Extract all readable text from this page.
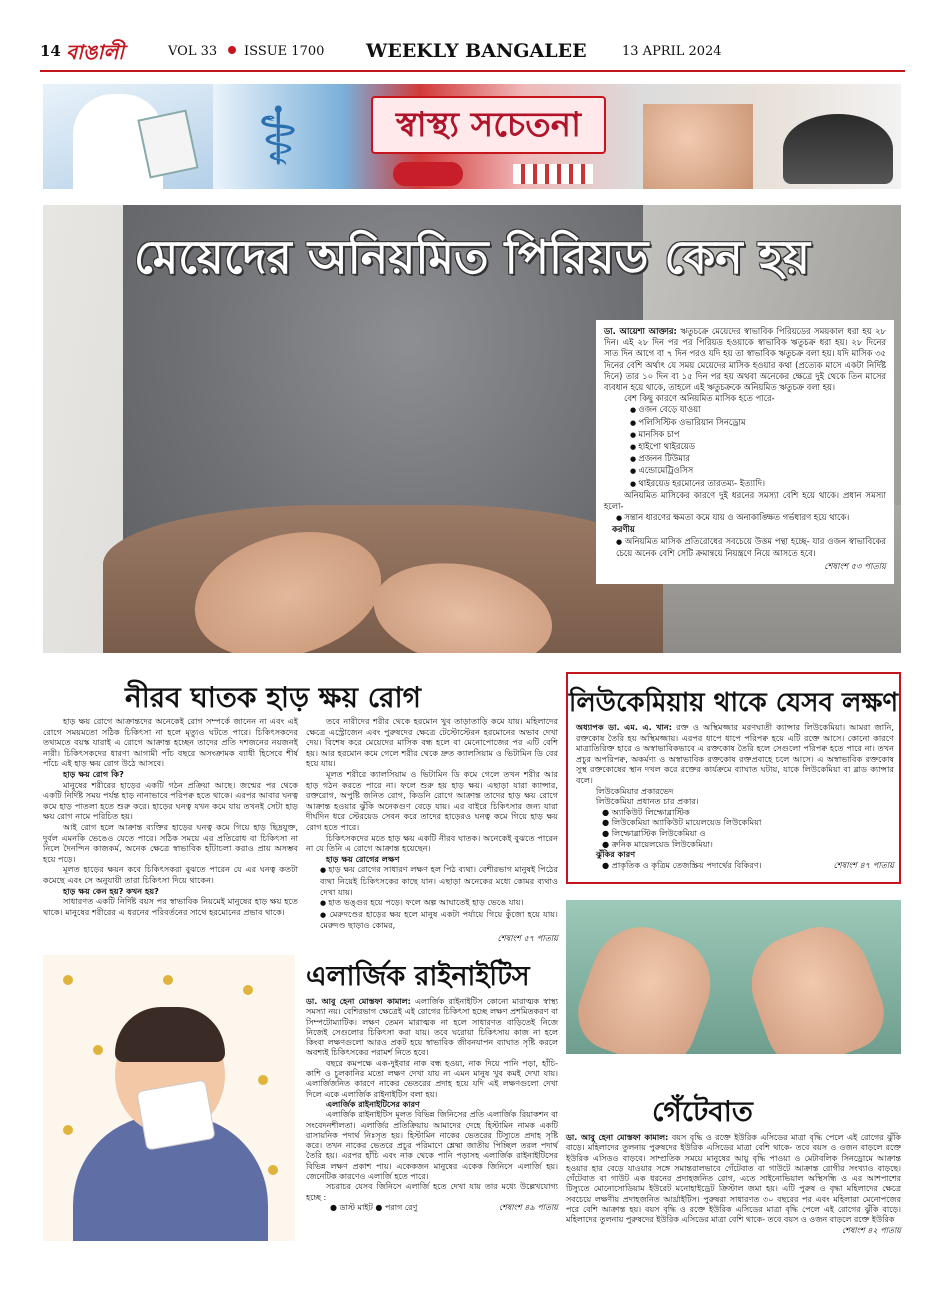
14 বাঙালী	VOL 33 ISSUE 1700 WEEKLY BANGALEE	13 APRIL 2024
⚕	স্বাস্থ্য সচেতনা
মেয়েদের অনিয়মিত পিরিয়ড কেন হয়

ডা. আয়েশা আক্তার: ঋতুচক্রে মেয়েদের স্বাভাবিক পিরিয়ডের সময়কাল ধরা হয় ২৮ দিন। এই ২৮ দিন পর পর পিরিয়ড হওয়াকে স্বাভাবিক ঋতুচক্র ধরা হয়। ২৮ দিনের সাত দিন আগে বা ৭ দিন পরও যদি হয় তা স্বাভাবিক ঋতুচক্র বলা হয়। যদি মাসিক ৩৫ দিনের বেশি অর্থাৎ যে সময় মেয়েদের মাসিক হওয়ার কথা (প্রত্যেক মাসে একটা নির্দিষ্ট দিনে) তার ১০ দিন বা ১৫ দিন পর হয় অথবা অনেকের ক্ষেত্রে দুই থেকে তিন মাসের ব্যবধান হয়ে থাকে, তাহলে এই ঋতুচক্রকে অনিয়মিত ঋতুচক্র বলা হয়।

বেশ কিছু কারণে অনিয়মিত মাসিক হতে পারে-

● ওজন বেড়ে যাওয়া
● পলিসিস্টিক ওভারিয়ান সিনড্রোম
● মানসিক চাপ
● হাইপো থাইরয়েড
● প্রজনন টিউমার
● এন্ডোমেট্রিওসিস
● থাইরয়েড হরমোনের তারতম্য- ইত্যাদি।

অনিয়মিত মাসিকের কারণে দুই ধরনের সমস্যা বেশি হয়ে থাকে। প্রধান সমস্যা হলো-

● সন্তান ধারণের ক্ষমতা কমে যায় ও অনাকাঙ্ক্ষিত গর্ভধারণ হয়ে থাকে।

করণীয়

● অনিয়মিত মাসিক প্রতিরোধের সবচেয়ে উত্তম পন্থা হচ্ছে- যার ওজন স্বাভাবিকের চেয়ে অনেক বেশি সেটি ক্রমান্বয়ে নিয়ন্ত্রণে নিয়ে আসতে হবে।

শেষাংশ ৫৩ পাতায়

নীরব ঘাতক হাড় ক্ষয় রোগ

হাড় ক্ষয় রোগে আক্রান্তদের অনেকেই রোগ সম্পর্কে জানেন না এবং এই রোগে সময়মতো সঠিক চিকিৎসা না হলে মৃত্যুও ঘটতে পারে। চিকিৎসকদের তথ্যমতে বয়স্ক যারাই এ রোগে আক্রান্ত হচ্ছেন তাদের প্রতি দশজনের নয়জনই নারী। চিকিৎসকদের ধারণা আগামী পাঁচ বছরে অসংক্রামক ব্যাধী হিসেবে শীর্ষ পাঁচে এই হাড় ক্ষয় রোগ উঠে আসবে।

হাড় ক্ষয় রোগ কি?

মানুষের শরীরের হাড়ের একটি গঠন প্রক্রিয়া আছে। জন্মের পর থেকে একটি নির্দিষ্ট সময় পর্যন্ত হাড় নানাভাবে পরিপক্ব হতে থাকে। এরপর আবার ঘনত্ব কমে হাড় পাতলা হতে শুরু করে। হাড়ের ঘনত্ব যখন কমে যায় তখনই সেটা হাড় ক্ষয় রোগ নামে পরিচিত হয়।

আই রোগ হলে আক্রান্ত ব্যক্তির হাড়ের ঘনত্ব কমে গিয়ে হাড় ছিদ্রযুক্ত, দুর্বল এমনকি ভেঙেও যেতে পারে। সঠিক সময়ে এর প্রতিরোধ বা চিকিৎসা না নিলে দৈনন্দিন কাজকর্ম, অনেক ক্ষেত্রে স্বাভাবিক হাঁটাচলা করাও প্রায় অসম্ভব হয়ে পড়ে।

মূলত হাড়ের ক্ষয়ন কবে চিকিৎসকরা বুঝতে পারেন যে এর ঘনত্ব কতটা কমেছে এবং সে অনুযায়ী তারা চিকিৎসা দিয়ে থাকেন।

হাড় ক্ষয় কেন হয়? কখন হয়?

সাধারণত একটি নির্দিষ্ট বয়স পর স্বাভাবিক নিয়মেই মানুষের হাড় ক্ষয় হতে থাকে। মানুষের শরীরের এ ধরনের পরিবর্তনের সাথে হরমোনের প্রভাব থাকে।

তবে নারীদের শরীর থেকে হরমোন খুব তাড়াতাড়ি কমে যায়। মহিলাদের ক্ষেত্রে এস্ট্রোজেন এবং পুরুষদের ক্ষেত্রে টেস্টোস্টেরন হরমোনের অভাব দেখা দেয়। বিশেষ করে মেয়েদের মাসিক বন্ধ হলে বা মেনোপোজের পর এটি বেশি হয়। আর হরমোন কমে গেলে শরীর থেকে দ্রুত ক্যালসিয়াম ও ভিটামিন ডি বের হয়ে যায়।

মূলত শরীরে ক্যালসিয়াম ও ভিটামিন ডি কমে গেলে তখন শরীর আর হাড় গঠন করতে পারে না। ফলে শুরু হয় হাড় ক্ষয়। এছাড়া যারা ক্যান্সার, রক্তরোগ, অপুষ্টি জনিত রোগ, কিডনি রোগে আক্রান্ত তাদের হাড় ক্ষয় রোগে আক্রান্ত হওয়ার ঝুঁকি অনেকগুণ বেড়ে যায়। এর বাইরে চিকিৎসার জন্য যারা দীর্ঘদিন ধরে স্টেরয়েড সেবন করে তাদের হাড়েরও ঘনত্ব কমে গিয়ে হাড় ক্ষয় রোগ হতে পারে।

চিকিৎসকদের মতে হাড় ক্ষয় একটি নীরব ঘাতক। অনেকেই বুঝতে পারেন না যে তিনি এ রোগে আক্রান্ত হয়েছেন।

হাড় ক্ষয় রোগের লক্ষণ

● হাড় ক্ষয় রোগের সাধারণ লক্ষণ হল পিঠ ব্যথা। বেশীরভাগ মানুষই পিঠের ব্যথা নিয়েই চিকিৎসকের কাছে যান। এছাড়া অনেকের মধ্যে কোমর ব্যথাও দেখা যায়।
● হাত ভঙ্গুর হয়ে পড়ে। ফলে অল্প আঘাতেই হাড় ভেঙে যায়।
● মেরুদণ্ডের হাড়ের ক্ষয় হলে মানুষ একটা পর্যায়ে গিয়ে কুঁজো হয়ে যায়। মেরুদণ্ড ছাড়াও কোমর,

শেষাংশ ৫৭ পাতায়

লিউকেমিয়ায় থাকে যেসব লক্ষণ

অধ্যাপক ডা. এম. এ. খান: রক্ত ও অস্থিমজ্জার মরণঘাতী ক্যান্সার লিউকেমিয়া। আমরা জানি, রক্তকোষ তৈরি হয় অস্থিমজ্জায়। এরপর ধাপে ধাপে পরিপক্ব হয়ে এটি রক্তে আসে। কোনো কারণে মাত্রাতিরিক্ত হারে ও অস্বাভাবিকভাবে এ রক্তকোষ তৈরি হলে সেগুলো পরিপক্ব হতে পারে না। তখন প্রচুর অপরিপক্ব, অকর্মণ্য ও অস্বাভাবিক রক্তকোষ রক্তপ্রবাহে চলে আসে। এ অস্বাভাবিক রক্তকোষ সুস্থ রক্তকোষের স্থান দখল করে রক্তের কার্যক্রমে ব্যাঘাত ঘটায়, যাকে লিউকেমিয়া বা ব্লাড ক্যান্সার বলে।

লিউকেমিয়ার প্রকারভেদ

লিউকেমিয়া প্রধানত চার প্রকার।

● অ্যাকিউট লিম্ফোব্লাস্টিক
● লিউকেমিয়া অ্যাকিউট মায়েলয়েড লিউকেমিয়া
● লিম্ফোব্লাস্টিক লিউকেমিয়া ও
● ক্রনিক মায়েলয়েড লিউকেমিয়া।

ঝুঁকির কারণ

● প্রাকৃতিক ও কৃত্রিম তেজস্ক্রিয় পদার্থের বিকিরণ।	শেষাংশ ৪৭ পাতায়

এলার্জিক রাইনাইটিস

ডা. আবু হেনা মোস্তফা কামাল: এলার্জিক রাইনাইটিস কোনো মারাত্মক স্বাস্থ্য সমস্যা নয়। বেশিরভাগ ক্ষেত্রেই এই রোগের চিকিৎসা হচ্ছে লক্ষণ প্রশমিতকরণ বা সিম্পটোম্যাটিক। লক্ষণ তেমন মারাত্মক না হলে সাধারণত বাড়িতেই নিজে নিজেই সেগুলোর চিকিৎসা করা যায়। তবে ঘরোয়া চিকিৎসায় কাজ না হলে কিংবা লক্ষণগুলো আরও প্রকট হয়ে স্বাভাবিক জীবনযাপন ব্যাঘাত সৃষ্টি করলে অবশ্যই চিকিৎসকের পরামর্শ নিতে হবে।

বছরে কমপক্ষে এক-দুইবার নাক বন্ধ হওয়া, নাক দিয়ে পানি পড়া, হাঁচি-কাশি ও চুলকানির মতো লক্ষণ দেখা যায় না এমন মানুষ খুব কমই দেখা যায়। এলার্জিজনিত কারণে নাকের ভেতরের প্রদাহ হয়ে যদি এই লক্ষণগুলো দেখা দিলে একে এলার্জিক রাইনাইটিস বলা হয়।

এলার্জিক রাইনাইটিসের কারণ

এলার্জিক রাইনাইটিস মূলত বিভিন্ন জিনিসের প্রতি এলার্জিক রিয়াকশন বা সংবেদনশীলতা। এলার্জির প্রতিক্রিয়ায় আমাদের দেহে হিস্টামিন নামক একটি রাসায়নিক পদার্থ নিঃসৃত হয়। হিস্টামিন নাকের ভেতরের টিস্যুতে প্রদাহ সৃষ্টি করে। তখন নাকের ভেতরে প্রচুর পরিমাণে শ্লেষ্মা জাতীয় পিচ্ছিল তরল পদার্থ তৈরি হয়। এরপর হাঁচি এবং নাক থেকে পানি পড়াসহ এলার্জিক রাইনাইটিসের বিভিন্ন লক্ষণ প্রকাশ পায়। একেকজন মানুষের একেক জিনিসে এলার্জি হয়। জেনেটিক কারণেও এলার্জি হতে পারে।

সচরাচর যেসব জিনিসে এলার্জি হতে দেখা যায় তার মধ্যে উল্লেখযোগ্য হচ্ছে :

● ডাস্ট মাইট ● পরাগ রেণু	শেষাংশ ৪৯ পাতায়

গেঁটেবাত

ডা. আবু হেনা মোস্তফা কামাল: বয়স বৃদ্ধি ও রক্তে ইউরিক এসিডের মাত্রা বৃদ্ধি পেলে এই রোগের ঝুঁকি বাড়ে। মহিলাদের তুলনায় পুরুষদের ইউরিক এসিডের মাত্রা বেশি থাকে- তবে বয়স ও ওজন বাড়লে রক্তে ইউরিক এসিডও বাড়বে। সাম্প্রতিক সময়ে মানুষের আয়ু বৃদ্ধি পাওয়া ও মেটাবলিক সিনড্রোমে আক্রান্ত হওয়ার হার বেড়ে যাওয়ার সঙ্গে সমান্তরালভাবে গেঁটেবাত বা গাউটে আক্রান্ত রোগীর সংখ্যাও বাড়ছে। গেঁটেবাত বা গাউট এক ধরনের প্রদাহজনিত রোগ, এতে সাইনোভিয়াল অস্থিসন্ধি ও এর আশপাশের টিস্যুতে মোনোসোডিয়াম ইউরেট মনোহাইড্রেট ক্রিস্টাল জমা হয়। এটি পুরুষ ও বৃদ্ধা মহিলাদের ক্ষেত্রে সবচেয়ে লক্ষণীয় প্রদাহজনিত আর্থ্রাইটিস। পুরুষরা সাধারণত ৩০ বছরের পর এবং মহিলারা মেনোপজের পরে বেশি আক্রান্ত হয়। বয়স বৃদ্ধি ও রক্তে ইউরিক এসিডের মাত্রা বৃদ্ধি পেলে এই রোগের ঝুঁকি বাড়ে। মহিলাদের তুলনায় পুরুষদের ইউরিক এসিডের মাত্রা বেশি থাকে- তবে বয়স ও ওজন বাড়লে রক্তে ইউরিক
শেষাংশ ৪২ পাতায়
